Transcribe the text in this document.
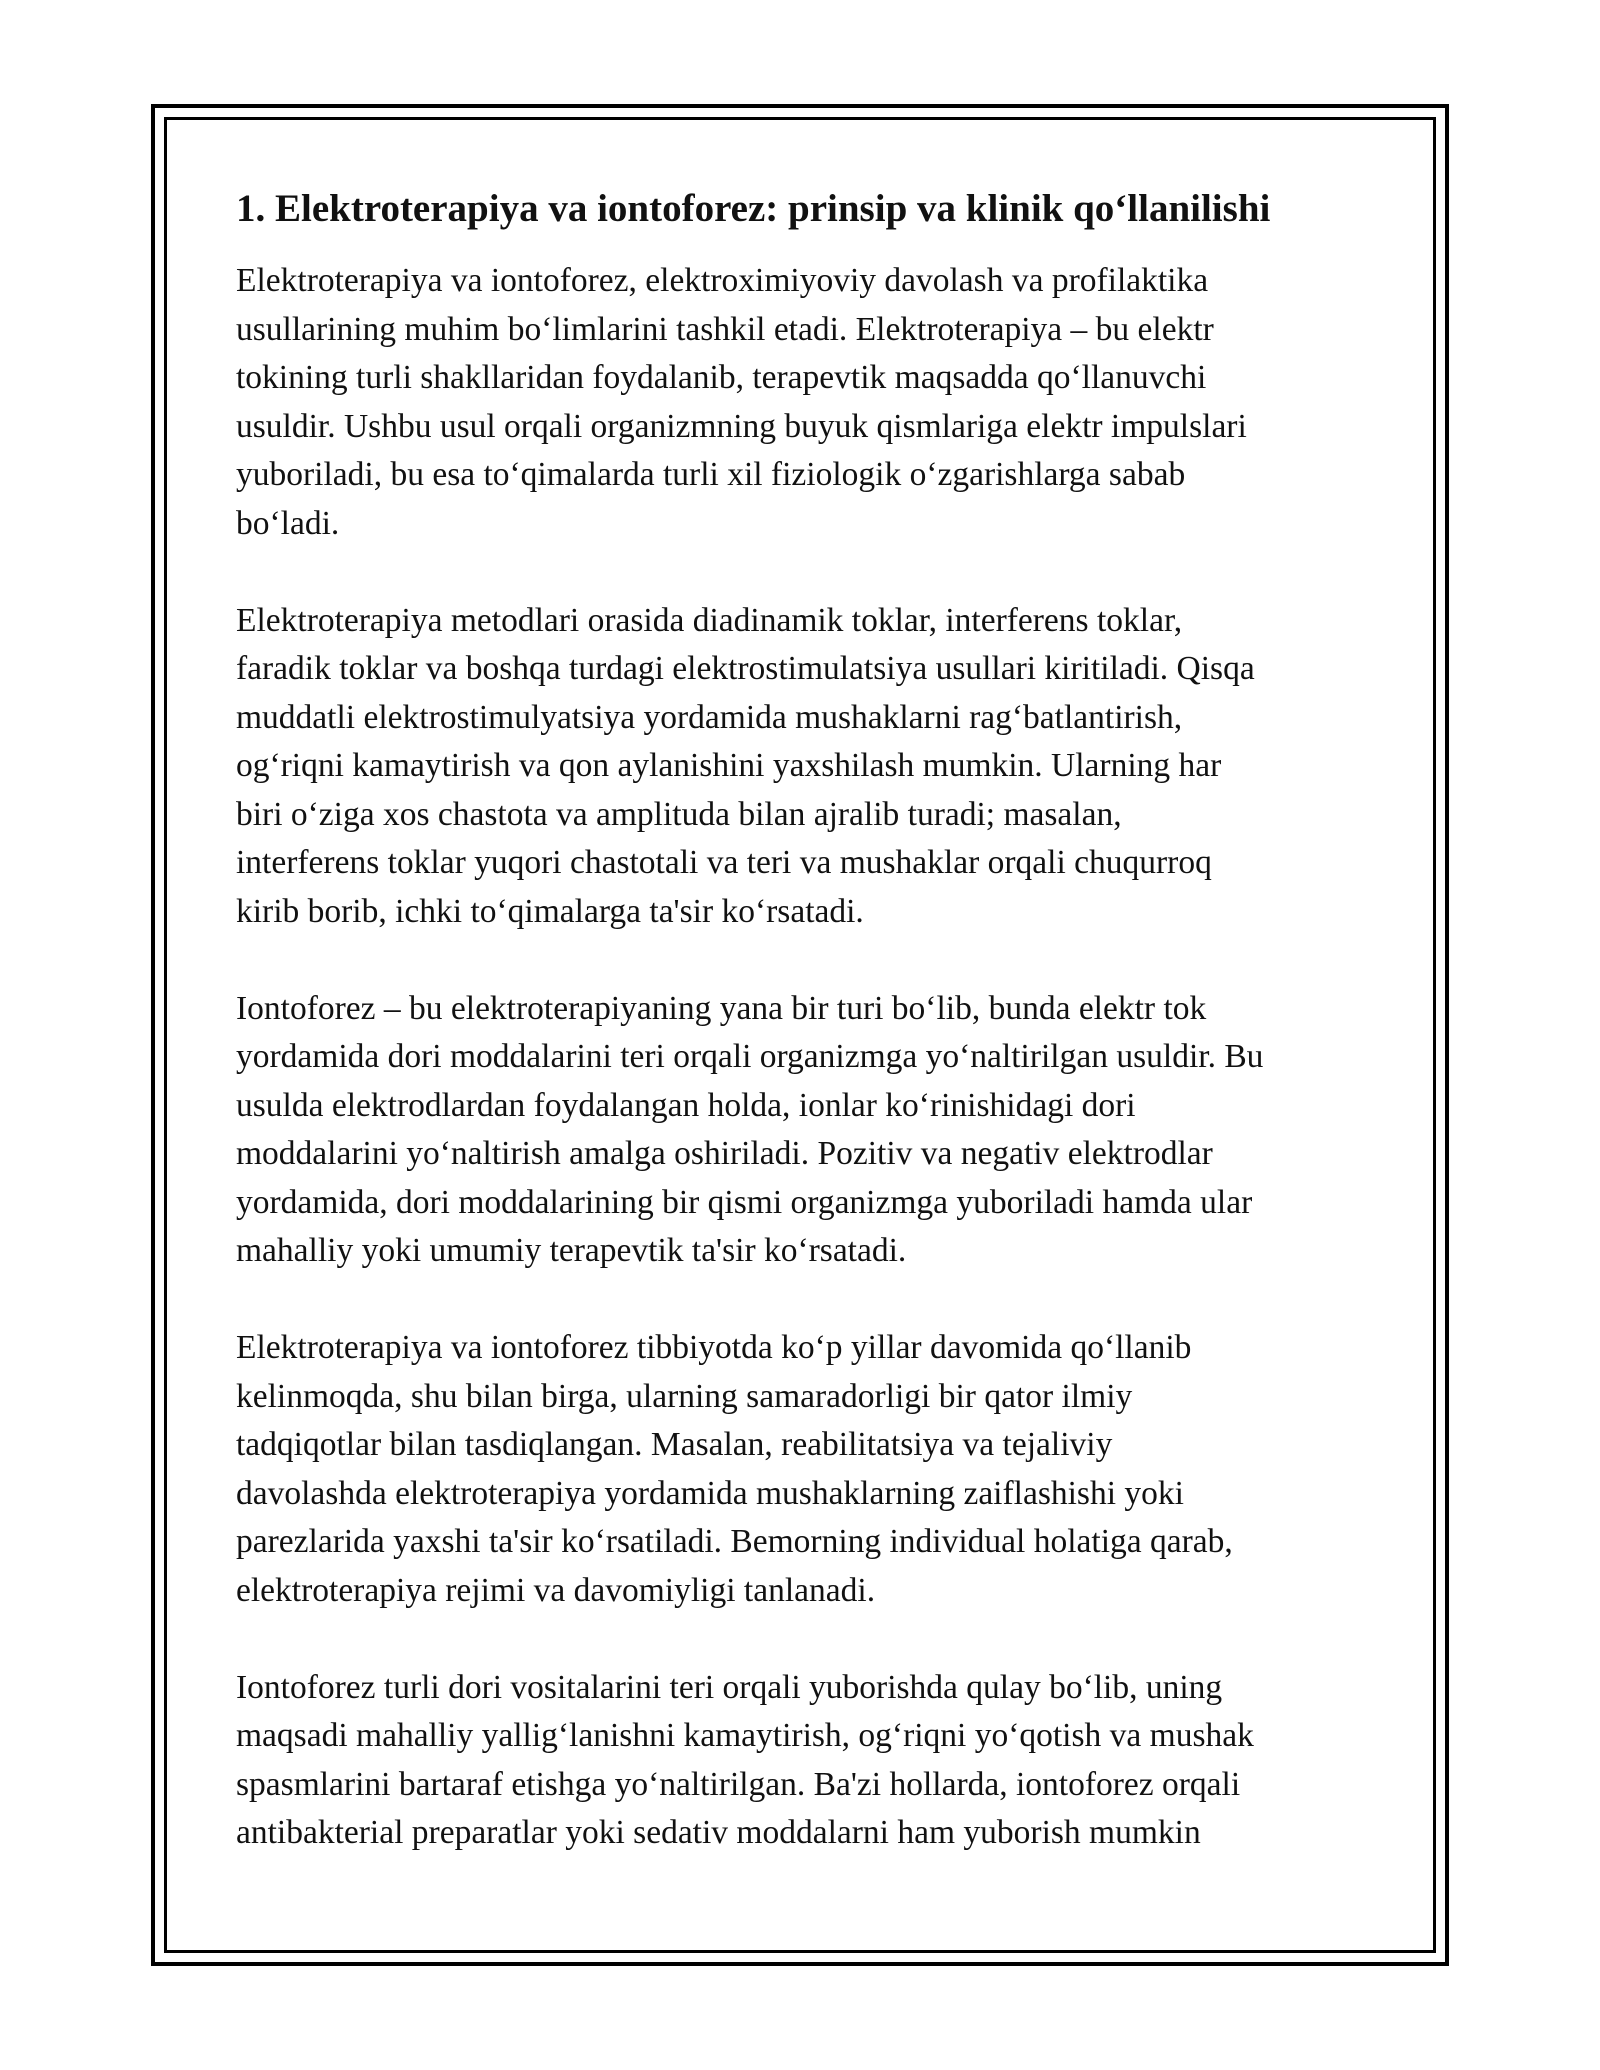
1. Elektroterapiya va iontoforez: prinsip va klinik qo‘llanilishi

Elektroterapiya va iontoforez, elektroximiyoviy davolash va profilaktika
usullarining muhim bo‘limlarini tashkil etadi. Elektroterapiya – bu elektr
tokining turli shakllaridan foydalanib, terapevtik maqsadda qo‘llanuvchi
usuldir. Ushbu usul orqali organizmning buyuk qismlariga elektr impulslari
yuboriladi, bu esa to‘qimalarda turli xil fiziologik o‘zgarishlarga sabab
bo‘ladi.

Elektroterapiya metodlari orasida diadinamik toklar, interferens toklar,
faradik toklar va boshqa turdagi elektrostimulatsiya usullari kiritiladi. Qisqa
muddatli elektrostimulyatsiya yordamida mushaklarni rag‘batlantirish,
og‘riqni kamaytirish va qon aylanishini yaxshilash mumkin. Ularning har
biri o‘ziga xos chastota va amplituda bilan ajralib turadi; masalan,
interferens toklar yuqori chastotali va teri va mushaklar orqali chuqurroq
kirib borib, ichki to‘qimalarga ta'sir ko‘rsatadi.

Iontoforez – bu elektroterapiyaning yana bir turi bo‘lib, bunda elektr tok
yordamida dori moddalarini teri orqali organizmga yo‘naltirilgan usuldir. Bu
usulda elektrodlardan foydalangan holda, ionlar ko‘rinishidagi dori
moddalarini yo‘naltirish amalga oshiriladi. Pozitiv va negativ elektrodlar
yordamida, dori moddalarining bir qismi organizmga yuboriladi hamda ular
mahalliy yoki umumiy terapevtik ta'sir ko‘rsatadi.

Elektroterapiya va iontoforez tibbiyotda ko‘p yillar davomida qo‘llanib
kelinmoqda, shu bilan birga, ularning samaradorligi bir qator ilmiy
tadqiqotlar bilan tasdiqlangan. Masalan, reabilitatsiya va tejaliviy
davolashda elektroterapiya yordamida mushaklarning zaiflashishi yoki
parezlarida yaxshi ta'sir ko‘rsatiladi. Bemorning individual holatiga qarab,
elektroterapiya rejimi va davomiyligi tanlanadi.

Iontoforez turli dori vositalarini teri orqali yuborishda qulay bo‘lib, uning
maqsadi mahalliy yallig‘lanishni kamaytirish, og‘riqni yo‘qotish va mushak
spasmlarini bartaraf etishga yo‘naltirilgan. Ba'zi hollarda, iontoforez orqali
antibakterial preparatlar yoki sedativ moddalarni ham yuborish mumkin
